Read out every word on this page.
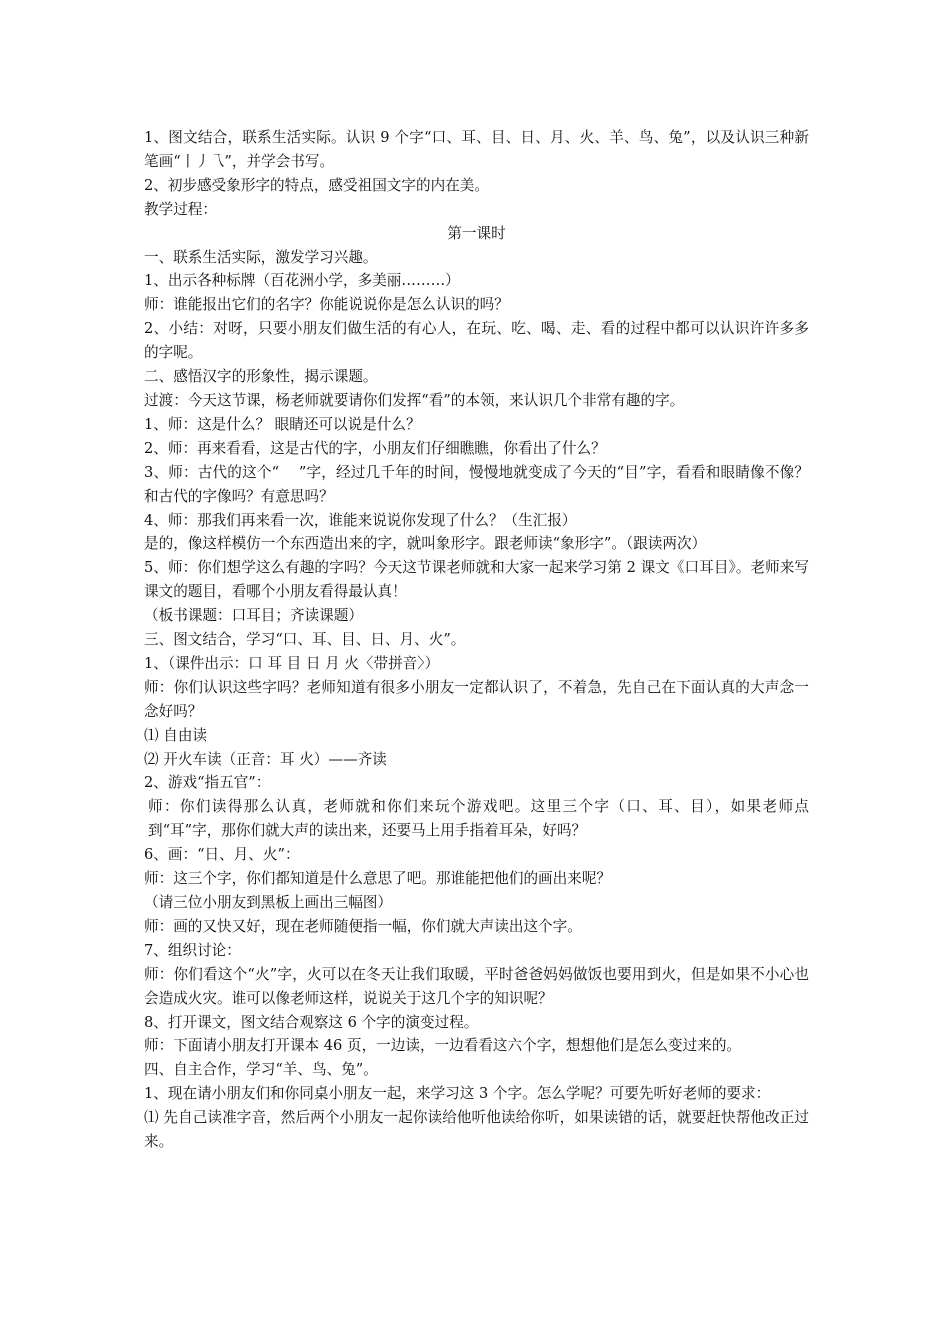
1、图文结合，联系生活实际。认识 9 个字“口、耳、目、日、月、火、羊、鸟、兔”，以及认识三种新笔画“丨丿乁”，并学会书写。

2、初步感受象形字的特点，感受祖国文字的内在美。

教学过程：

第一课时

一、联系生活实际，激发学习兴趣。

1、出示各种标牌（百花洲小学，多美丽………）

师：谁能报出它们的名字？你能说说你是怎么认识的吗？

2、小结：对呀，只要小朋友们做生活的有心人，在玩、吃、喝、走、看的过程中都可以认识许许多多的字呢。

二、感悟汉字的形象性，揭示课题。

过渡：今天这节课，杨老师就要请你们发挥“看”的本领，来认识几个非常有趣的字。

1、师：这是什么？ 眼睛还可以说是什么？

2、师：再来看看，这是古代的字，小朋友们仔细瞧瞧，你看出了什么？

3、师：古代的这个“　 ”字，经过几千年的时间，慢慢地就变成了今天的“目”字，看看和眼睛像不像？和古代的字像吗？有意思吗？

4、师：那我们再来看一次，谁能来说说你发现了什么？（生汇报）

是的，像这样模仿一个东西造出来的字，就叫象形字。跟老师读“象形字”。（跟读两次）

5、师：你们想学这么有趣的字吗？今天这节课老师就和大家一起来学习第 2 课文《口耳目》。老师来写课文的题目，看哪个小朋友看得最认真！

（板书课题：口耳目；齐读课题）

三、图文结合，学习“口、耳、目、日、月、火”。

1、（课件出示：口 耳 目 日 月 火〈带拼音〉）

师：你们认识这些字吗？老师知道有很多小朋友一定都认识了，不着急，先自己在下面认真的大声念一念好吗？

⑴ 自由读

⑵ 开火车读（正音：耳 火）——齐读

2、游戏“指五官”：

师：你们读得那么认真，老师就和你们来玩个游戏吧。这里三个字（口、耳、目），如果老师点到“耳”字，那你们就大声的读出来，还要马上用手指着耳朵，好吗？

6、画：“日、月、火”：

师：这三个字，你们都知道是什么意思了吧。那谁能把他们的画出来呢？

（请三位小朋友到黑板上画出三幅图）

师：画的又快又好，现在老师随便指一幅，你们就大声读出这个字。

7、组织讨论：

师：你们看这个“火”字，火可以在冬天让我们取暖，平时爸爸妈妈做饭也要用到火，但是如果不小心也会造成火灾。谁可以像老师这样，说说关于这几个字的知识呢？

8、打开课文，图文结合观察这 6 个字的演变过程。

师：下面请小朋友打开课本 46 页，一边读，一边看看这六个字，想想他们是怎么变过来的。

四、自主合作，学习“羊、鸟、兔”。

1、现在请小朋友们和你同桌小朋友一起，来学习这 3 个字。怎么学呢？可要先听好老师的要求：

⑴ 先自己读准字音，然后两个小朋友一起你读给他听他读给你听，如果读错的话，就要赶快帮他改正过来。
